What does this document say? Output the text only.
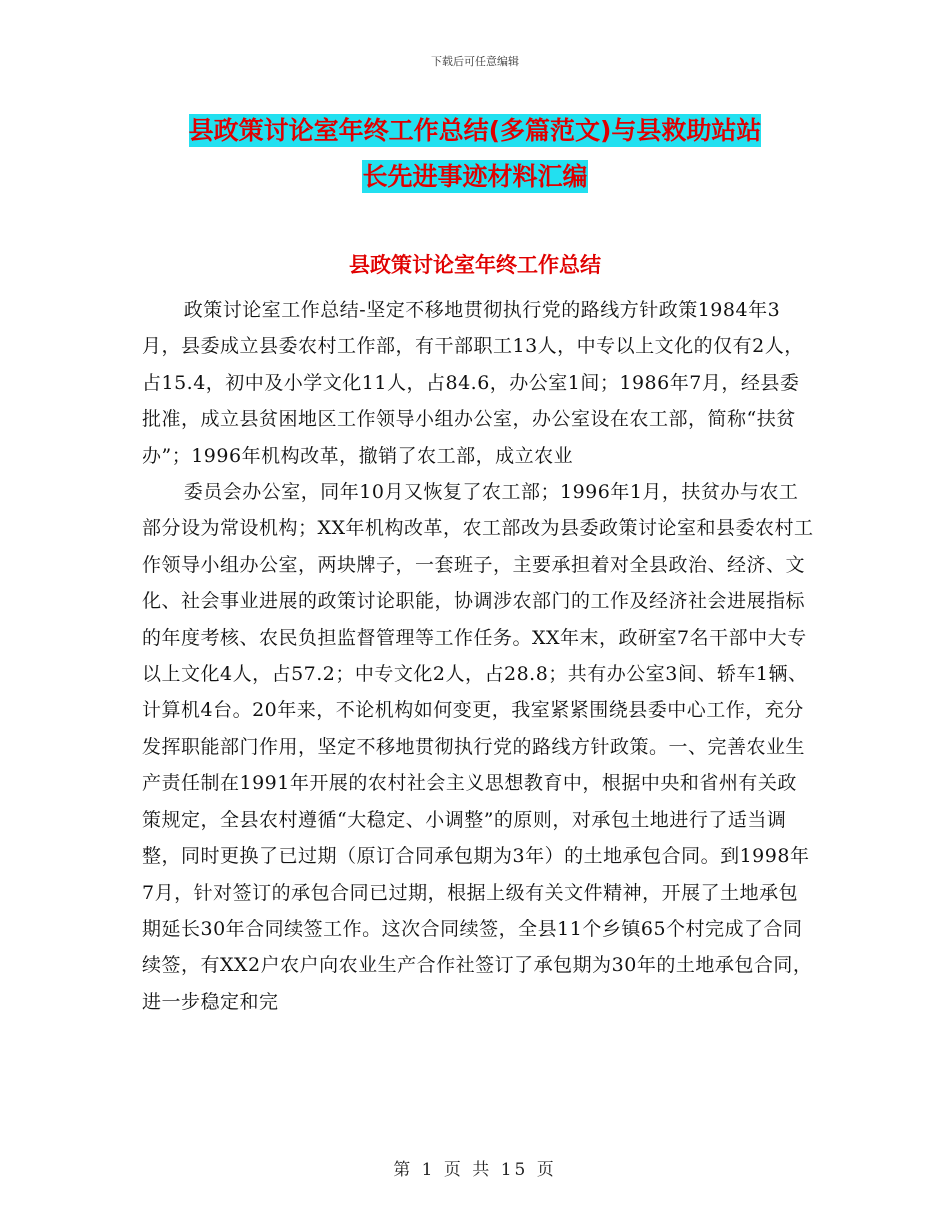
下载后可任意编辑
县政策讨论室年终工作总结(多篇范文)与县救助站站
长先进事迹材料汇编
县政策讨论室年终工作总结

政策讨论室工作总结-坚定不移地贯彻执行党的路线方针政策1984年3月，县委成立县委农村工作部，有干部职工13人，中专以上文化的仅有2人，占15.4，初中及小学文化11人，占84.6，办公室1间；1986年7月，经县委批准，成立县贫困地区工作领导小组办公室，办公室设在农工部，简称“扶贫办”；1996年机构改革，撤销了农工部，成立农业

委员会办公室，同年10月又恢复了农工部；1996年1月，扶贫办与农工部分设为常设机构；XX年机构改革，农工部改为县委政策讨论室和县委农村工作领导小组办公室，两块牌子，一套班子，主要承担着对全县政治、经济、文化、社会事业进展的政策讨论职能，协调涉农部门的工作及经济社会进展指标的年度考核、农民负担监督管理等工作任务。XX年末，政研室7名干部中大专以上文化4人，占57.2；中专文化2人，占28.8；共有办公室3间、轿车1辆、计算机4台。20年来，不论机构如何变更，我室紧紧围绕县委中心工作，充分发挥职能部门作用，坚定不移地贯彻执行党的路线方针政策。一、完善农业生产责任制在1991年开展的农村社会主义思想教育中，根据中央和省州有关政策规定，全县农村遵循“大稳定、小调整”的原则，对承包土地进行了适当调整，同时更换了已过期（原订合同承包期为3年）的土地承包合同。到1998年7月，针对签订的承包合同已过期，根据上级有关文件精神，开展了土地承包期延长30年合同续签工作。这次合同续签，全县11个乡镇65个村完成了合同续签，有XX2户农户向农业生产合作社签订了承包期为30年的土地承包合同，进一步稳定和完

第 1 页 共 15 页
